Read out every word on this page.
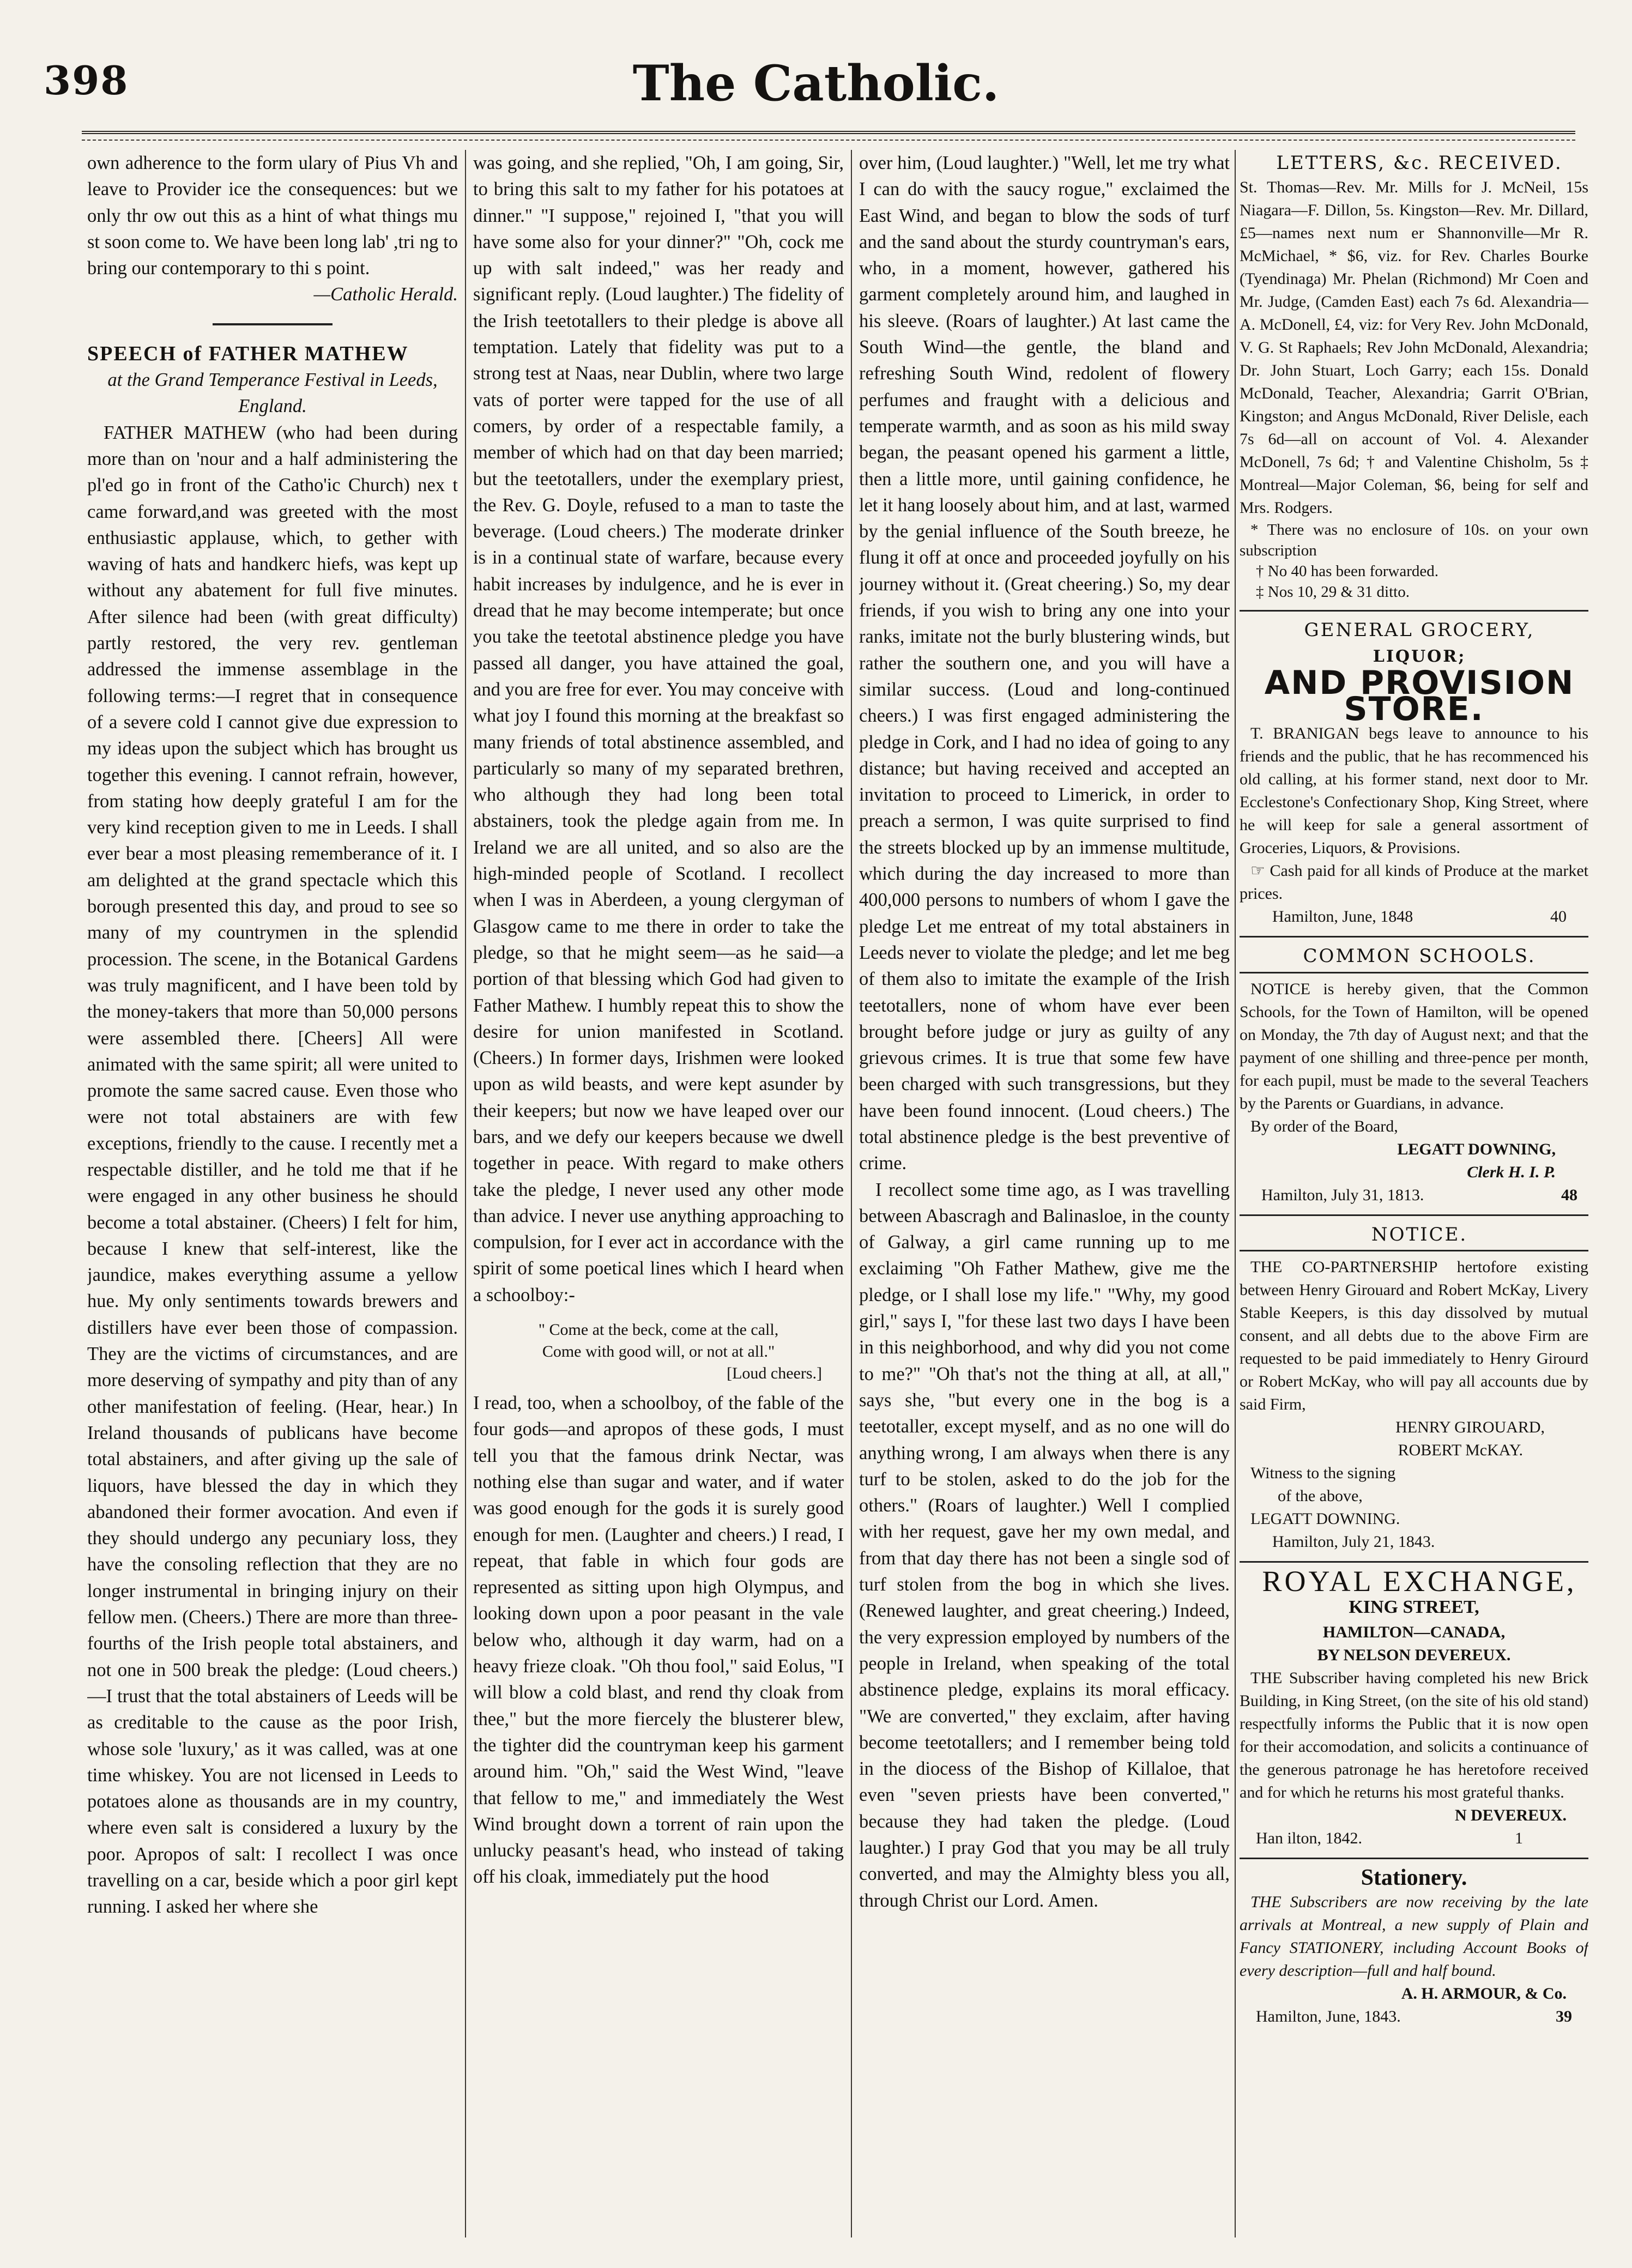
398	The Catholic.

own adherence to the form ulary of Pius Vh and leave to Provider ice the consequences: but we only thr ow out this as a hint of what things mu st soon come to. We have been long lab' ,tri ng to bring our contemporary to thi s point.

—Catholic Herald.

SPEECH of FATHER MATHEW
at the Grand Temperance Festival in Leeds, England.

FATHER MATHEW (who had been during more than on 'nour and a half administering the pl'ed go in front of the Catho'ic Church) nex t came forward,and was greeted with the most enthusiastic applause, which, to gether with waving of hats and handkerc hiefs, was kept up without any abatement for full five minutes. After silence had been (with great difficulty) partly restored, the very rev. gentleman addressed the immense assemblage in the following terms:—I regret that in consequence of a severe cold I cannot give due expression to my ideas upon the subject which has brought us together this evening. I cannot refrain, however, from stating how deeply grateful I am for the very kind reception given to me in Leeds. I shall ever bear a most pleasing rememberance of it. I am delighted at the grand spectacle which this borough presented this day, and proud to see so many of my countrymen in the splendid procession. The scene, in the Botanical Gardens was truly magnificent, and I have been told by the money-takers that more than 50,000 persons were assembled there. [Cheers] All were animated with the same spirit; all were united to promote the same sacred cause. Even those who were not total abstainers are with few exceptions, friendly to the cause. I recently met a respectable distiller, and he told me that if he were engaged in any other business he should become a total abstainer. (Cheers) I felt for him, because I knew that self-interest, like the jaundice, makes everything assume a yellow hue. My only sentiments towards brewers and distillers have ever been those of compassion. They are the victims of circumstances, and are more deserving of sympathy and pity than of any other manifestation of feeling. (Hear, hear.) In Ireland thousands of publicans have become total abstainers, and after giving up the sale of liquors, have blessed the day in which they abandoned their former avocation. And even if they should undergo any pecuniary loss, they have the consoling reflection that they are no longer instrumental in bringing injury on their fellow men. (Cheers.) There are more than three-fourths of the Irish people total abstainers, and not one in 500 break the pledge: (Loud cheers.)—I trust that the total abstainers of Leeds will be as creditable to the cause as the poor Irish, whose sole 'luxury,' as it was called, was at one time whiskey. You are not licensed in Leeds to potatoes alone as thousands are in my country, where even salt is considered a luxury by the poor. Apropos of salt: I recollect I was once travelling on a car, beside which a poor girl kept running. I asked her where she

was going, and she replied, "Oh, I am going, Sir, to bring this salt to my father for his potatoes at dinner." "I suppose," rejoined I, "that you will have some also for your dinner?" "Oh, cock me up with salt indeed," was her ready and significant reply. (Loud laughter.) The fidelity of the Irish teetotallers to their pledge is above all temptation. Lately that fidelity was put to a strong test at Naas, near Dublin, where two large vats of porter were tapped for the use of all comers, by order of a respectable family, a member of which had on that day been married; but the teetotallers, under the exemplary priest, the Rev. G. Doyle, refused to a man to taste the beverage. (Loud cheers.) The moderate drinker is in a continual state of warfare, because every habit increases by indulgence, and he is ever in dread that he may become intemperate; but once you take the teetotal abstinence pledge you have passed all danger, you have attained the goal, and you are free for ever. You may conceive with what joy I found this morning at the breakfast so many friends of total abstinence assembled, and particularly so many of my separated brethren, who although they had long been total abstainers, took the pledge again from me. In Ireland we are all united, and so also are the high-minded people of Scotland. I recollect when I was in Aberdeen, a young clergyman of Glasgow came to me there in order to take the pledge, so that he might seem—as he said—a portion of that blessing which God had given to Father Mathew. I humbly repeat this to show the desire for union manifested in Scotland. (Cheers.) In former days, Irishmen were looked upon as wild beasts, and were kept asunder by their keepers; but now we have leaped over our bars, and we defy our keepers because we dwell together in peace. With regard to make others take the pledge, I never used any other mode than advice. I never use anything approaching to compulsion, for I ever act in accordance with the spirit of some poetical lines which I heard when a schoolboy:-

" Come at the beck, come at the call,
Come with good will, or not at all."
[Loud cheers.]

I read, too, when a schoolboy, of the fable of the four gods—and apropos of these gods, I must tell you that the famous drink Nectar, was nothing else than sugar and water, and if water was good enough for the gods it is surely good enough for men. (Laughter and cheers.) I read, I repeat, that fable in which four gods are represented as sitting upon high Olympus, and looking down upon a poor peasant in the vale below who, although it day warm, had on a heavy frieze cloak. "Oh thou fool," said Eolus, "I will blow a cold blast, and rend thy cloak from thee," but the more fiercely the blusterer blew, the tighter did the countryman keep his garment around him. "Oh," said the West Wind, "leave that fellow to me," and immediately the West Wind brought down a torrent of rain upon the unlucky peasant's head, who instead of taking off his cloak, immediately put the hood

over him, (Loud laughter.) "Well, let me try what I can do with the saucy rogue," exclaimed the East Wind, and began to blow the sods of turf and the sand about the sturdy countryman's ears, who, in a moment, however, gathered his garment completely around him, and laughed in his sleeve. (Roars of laughter.) At last came the South Wind—the gentle, the bland and refreshing South Wind, redolent of flowery perfumes and fraught with a delicious and temperate warmth, and as soon as his mild sway began, the peasant opened his garment a little, then a little more, until gaining confidence, he let it hang loosely about him, and at last, warmed by the genial influence of the South breeze, he flung it off at once and proceeded joyfully on his journey without it. (Great cheering.) So, my dear friends, if you wish to bring any one into your ranks, imitate not the burly blustering winds, but rather the southern one, and you will have a similar success. (Loud and long-continued cheers.) I was first engaged administering the pledge in Cork, and I had no idea of going to any distance; but having received and accepted an invitation to proceed to Limerick, in order to preach a sermon, I was quite surprised to find the streets blocked up by an immense multitude, which during the day increased to more than 400,000 persons to numbers of whom I gave the pledge Let me entreat of my total abstainers in Leeds never to violate the pledge; and let me beg of them also to imitate the example of the Irish teetotallers, none of whom have ever been brought before judge or jury as guilty of any grievous crimes. It is true that some few have been charged with such transgressions, but they have been found innocent. (Loud cheers.) The total abstinence pledge is the best preventive of crime.

I recollect some time ago, as I was travelling between Abascragh and Balinasloe, in the county of Galway, a girl came running up to me exclaiming "Oh Father Mathew, give me the pledge, or I shall lose my life." "Why, my good girl," says I, "for these last two days I have been in this neighborhood, and why did you not come to me?" "Oh that's not the thing at all, at all," says she, "but every one in the bog is a teetotaller, except myself, and as no one will do anything wrong, I am always when there is any turf to be stolen, asked to do the job for the others." (Roars of laughter.) Well I complied with her request, gave her my own medal, and from that day there has not been a single sod of turf stolen from the bog in which she lives. (Renewed laughter, and great cheering.) Indeed, the very expression employed by numbers of the people in Ireland, when speaking of the total abstinence pledge, explains its moral efficacy. "We are converted," they exclaim, after having become teetotallers; and I remember being told in the diocess of the Bishop of Killaloe, that even "seven priests have been converted," because they had taken the pledge. (Loud laughter.) I pray God that you may be all truly converted, and may the Almighty bless you all, through Christ our Lord. Amen.

LETTERS, &c. RECEIVED.

St. Thomas—Rev. Mr. Mills for J. McNeil, 15s Niagara—F. Dillon, 5s. Kingston—Rev. Mr. Dillard, £5—names next num er Shannonville—Mr R. McMichael, * $6, viz. for Rev. Charles Bourke (Tyendinaga) Mr. Phelan (Richmond) Mr Coen and Mr. Judge, (Camden East) each 7s 6d. Alexandria—A. McDonell, £4, viz: for Very Rev. John McDonald, V. G. St Raphaels; Rev John McDonald, Alexandria; Dr. John Stuart, Loch Garry; each 15s. Donald McDonald, Teacher, Alexandria; Garrit O'Brian, Kingston; and Angus McDonald, River Delisle, each 7s 6d—all on account of Vol. 4. Alexander McDonell, 7s 6d; † and Valentine Chisholm, 5s ‡ Montreal—Major Coleman, $6, being for self and Mrs. Rodgers.

* There was no enclosure of 10s. on your own subscription

† No 40 has been forwarded.

‡ Nos 10, 29 & 31 ditto.

GENERAL GROCERY,

LIQUOR;

AND PROVISION STORE.

T. BRANIGAN begs leave to announce to his friends and the public, that he has recommenced his old calling, at his former stand, next door to Mr. Ecclestone's Confectionary Shop, King Street, where he will keep for sale a general assortment of Groceries, Liquors, & Provisions.

☞ Cash paid for all kinds of Produce at the market prices.

Hamilton, June, 1848	40

COMMON SCHOOLS.

NOTICE is hereby given, that the Common Schools, for the Town of Hamilton, will be opened on Monday, the 7th day of August next; and that the payment of one shilling and three-pence per month, for each pupil, must be made to the several Teachers by the Parents or Guardians, in advance.

By order of the Board,

LEGATT DOWNING,

Clerk H. I. P.

Hamilton, July 31, 1813.	48

NOTICE.

THE CO-PARTNERSHIP hertofore existing between Henry Girouard and Robert McKay, Livery Stable Keepers, is this day dissolved by mutual consent, and all debts due to the above Firm are requested to be paid immediately to Henry Girourd or Robert McKay, who will pay all accounts due by said Firm,

HENRY GIROUARD,

ROBERT McKAY.

Witness to the signing
of the above,
LEGATT DOWNING.
Hamilton, July 21, 1843.

ROYAL EXCHANGE,

KING STREET,

HAMILTON—CANADA,

BY NELSON DEVEREUX.

THE Subscriber having completed his new Brick Building, in King Street, (on the site of his old stand) respectfully informs the Public that it is now open for their accomodation, and solicits a continuance of the generous patronage he has heretofore received and for which he returns his most grateful thanks.

N DEVEREUX.

Han ilton, 1842.	1

Stationery.

THE Subscribers are now receiving by the late arrivals at Montreal, a new supply of Plain and Fancy STATIONERY, including Account Books of every description—full and half bound.

A. H. ARMOUR, & Co.

Hamilton, June, 1843.	39
